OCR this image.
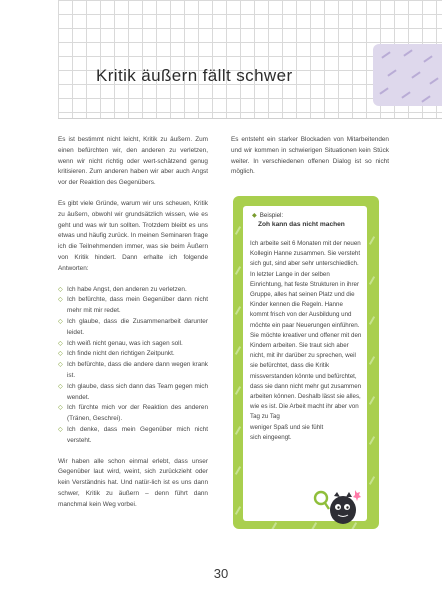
Kritik äußern fällt schwer

Es ist bestimmt nicht leicht, Kritik zu äußern. Zum einen befürchten wir, den anderen zu verletzen, wenn wir nicht richtig oder wert-schätzend genug kritisieren. Zum anderen haben wir aber auch Angst vor der Reaktion des Gegenübers.

Es gibt viele Gründe, warum wir uns scheuen, Kritik zu äußern, obwohl wir grundsätzlich wissen, wie es geht und was wir tun sollten. Trotzdem bleibt es uns etwas und häufig zurück. In meinen Seminaren frage ich die Teilnehmenden immer, was sie beim Äußern von Kritik hindert. Dann erhalte ich folgende Antworten:

◇ Ich habe Angst, den anderen zu verletzen.
◇ Ich befürchte, dass mein Gegenüber dann nicht mehr mit mir redet.
◇ Ich glaube, dass die Zusammenarbeit darunter leidet.
◇ Ich weiß nicht genau, was ich sagen soll.
◇ Ich finde nicht den richtigen Zeitpunkt.
◇ Ich befürchte, dass die andere dann wegen krank ist.
◇ Ich glaube, dass sich dann das Team gegen mich wendet.
◇ Ich fürchte mich vor der Reaktion des anderen (Tränen, Geschrei).
◇ Ich denke, dass mein Gegenüber mich nicht versteht.

Wir haben alle schon einmal erlebt, dass unser Gegenüber laut wird, weint, sich zurückzieht oder kein Verständnis hat. Und natür-lich ist es uns dann schwer, Kritik zu äußern – denn führt dann manchmal kein Weg vorbei.

Es entsteht ein starker Blockaden von Mitarbeitenden und wir kommen in schwierigen Situationen kein Stück weiter. In verschiedenen offenen Dialog ist so nicht möglich.

◆ Beispiel:
Zoh kann das nicht machen
Ich arbeite seit 6 Monaten mit der neuen Kollegin Hanne zusammen. Sie versteht sich gut, sind aber sehr unterschiedlich. In letzter Lange in der selben Einrichtung, hat feste Strukturen in ihrer Gruppe, alles hat seinen Platz und die Kinder kennen die Regeln. Hanne kommt frisch von der Ausbildung und möchte ein paar Neuerungen einführen. Sie möchte kreativer und offener mit den Kindern arbeiten. Sie traut sich aber nicht, mit ihr darüber zu sprechen, weil sie befürchtet, dass die Kritik missverstanden könnte und befürchtet, dass sie dann nicht mehr gut zusammen arbeiten können. Deshalb lässt sie alles, wie es ist. Die Arbeit macht ihr aber von Tag zu Tag
weniger Spaß und sie fühlt sich eingeengt.
30
